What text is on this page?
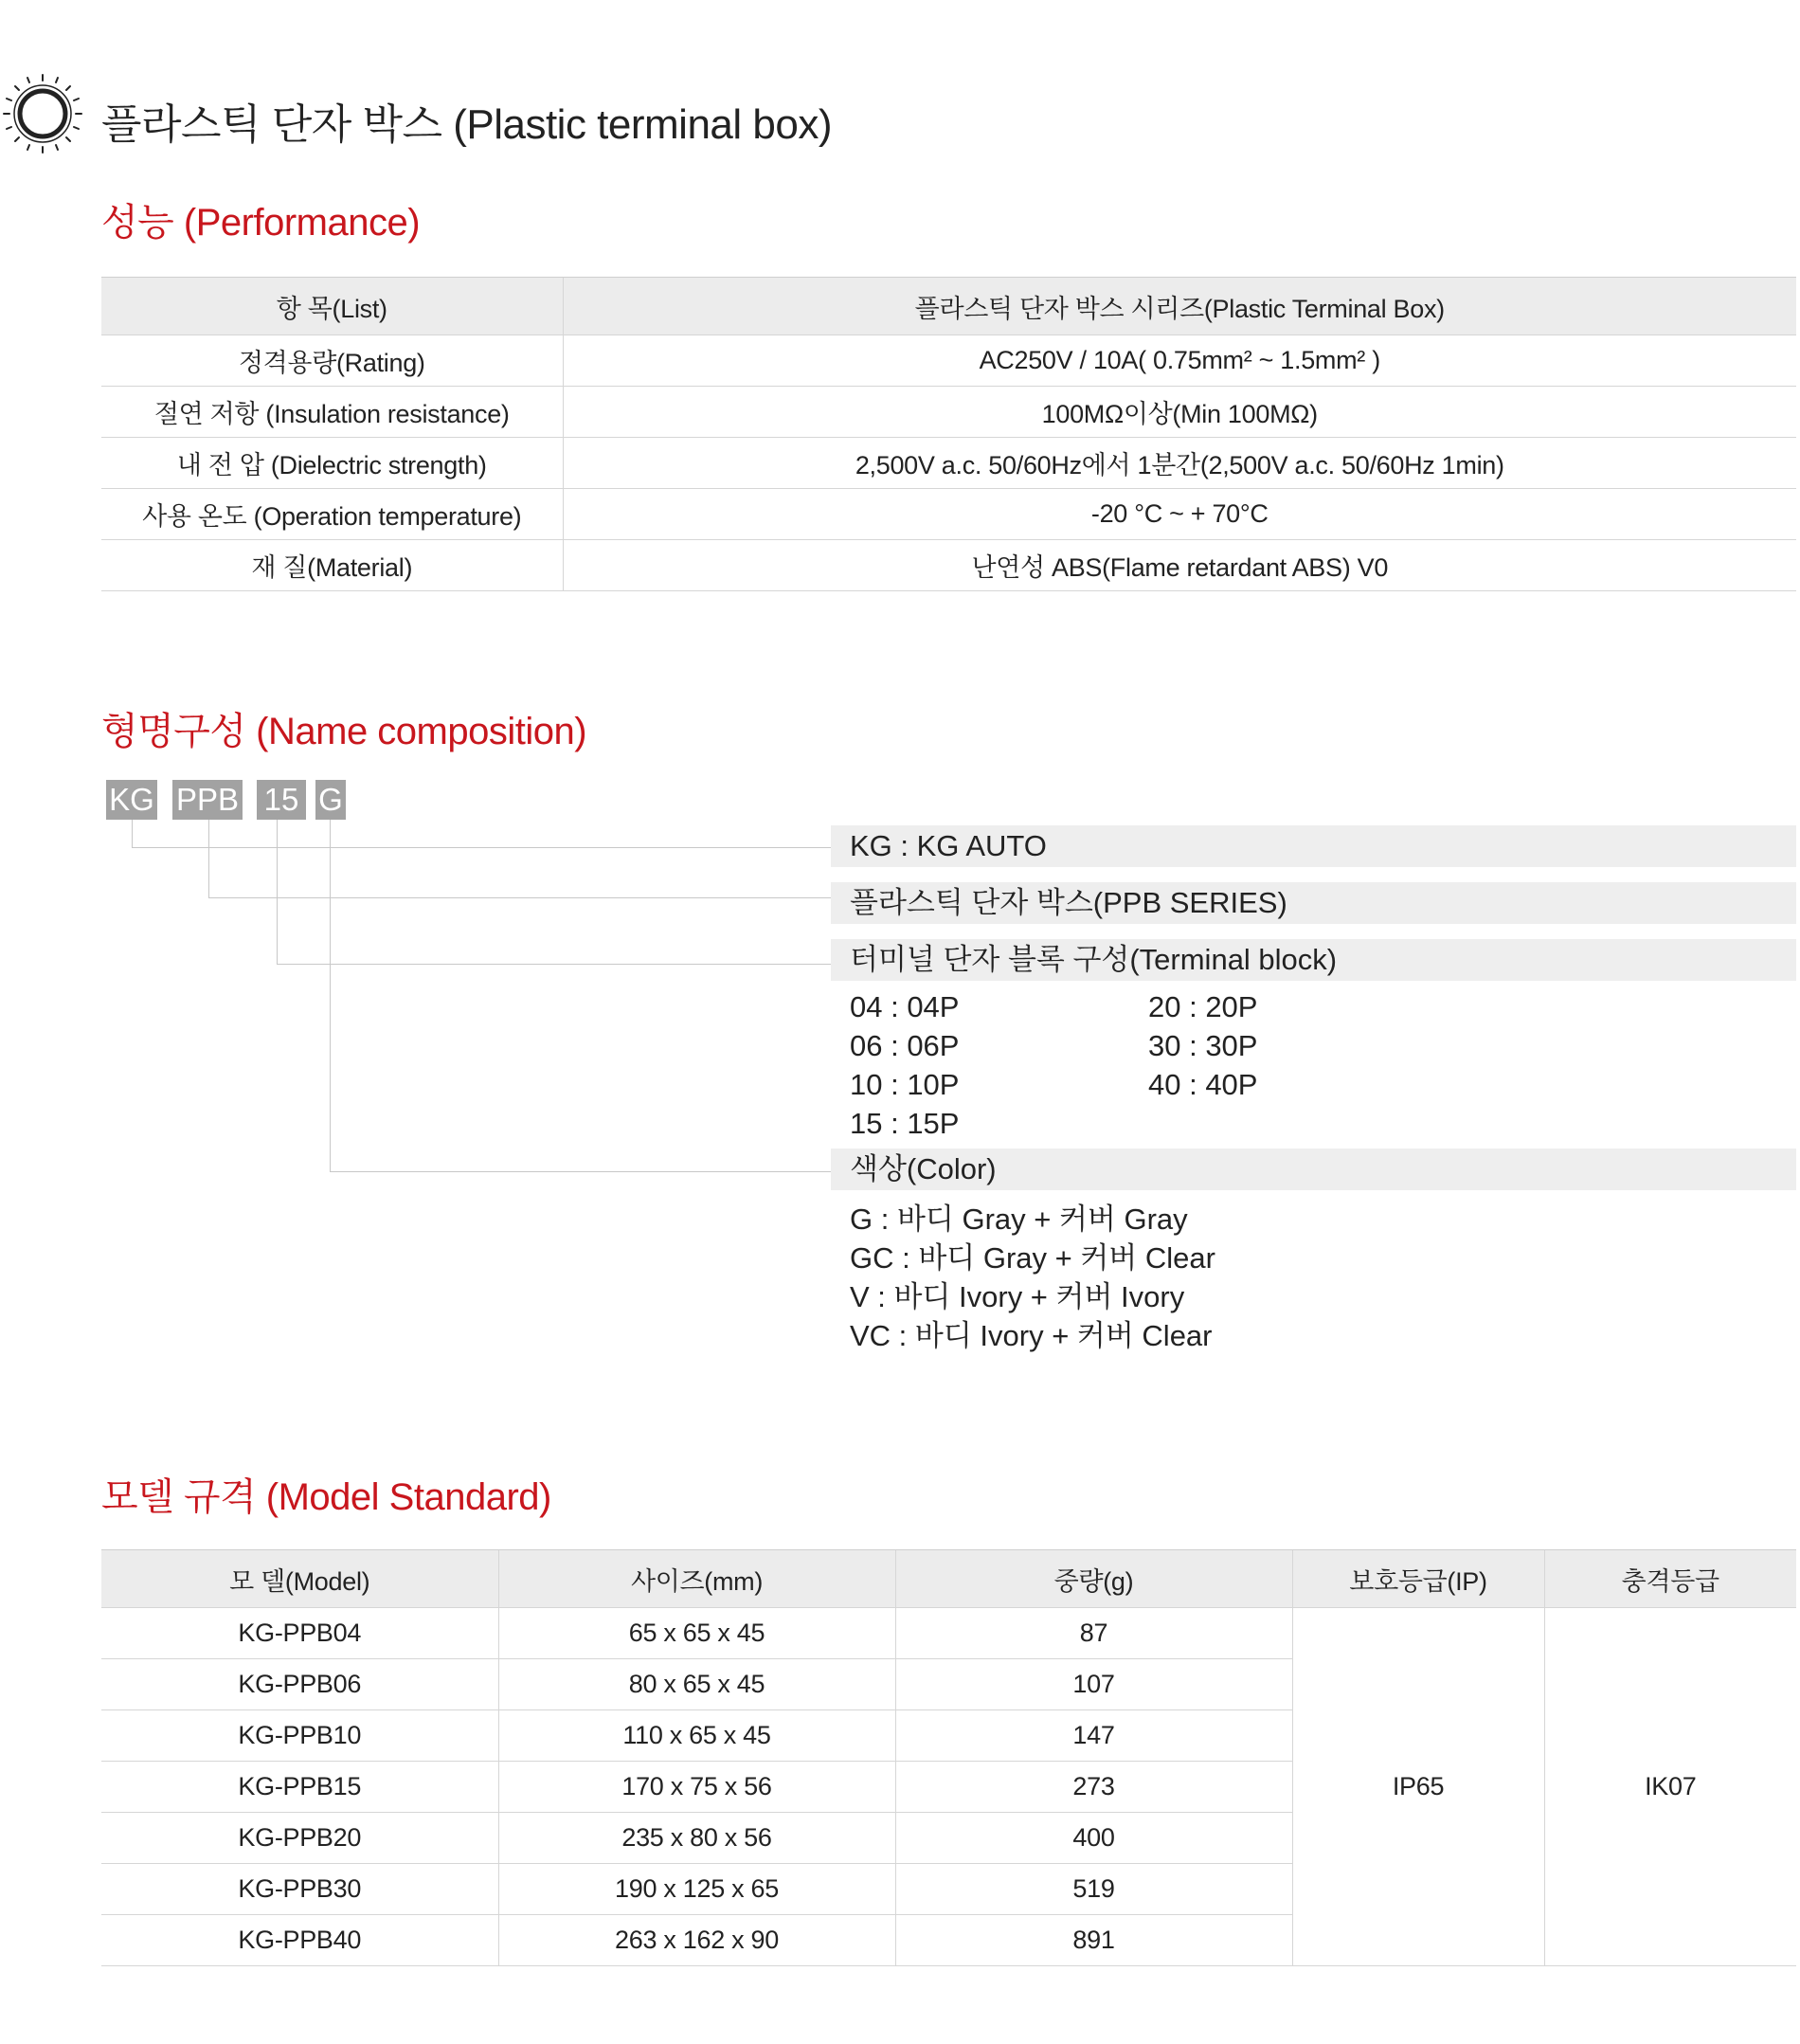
플라스틱 단자 박스 (Plastic terminal box)
성능 (Performance)
항 목(List)	플라스틱 단자 박스 시리즈(Plastic Terminal Box)
정격용량(Rating)	AC250V / 10A( 0.75mm² ~ 1.5mm² )
절연 저항 (Insulation resistance)	100MΩ이상(Min 100MΩ)
내 전 압 (Dielectric strength)	2,500V a.c. 50/60Hz에서 1분간(2,500V a.c. 50/60Hz 1min)
사용 온도 (Operation temperature)	-20 °C ~ + 70°C
재 질(Material)	난연성 ABS(Flame retardant ABS) V0
형명구성 (Name composition)
KG PPB 15 G
KG : KG AUTO
플라스틱 단자 박스(PPB SERIES)
터미널 단자 블록 구성(Terminal block)
04 : 04P
06 : 06P
10 : 10P
15 : 15P
20 : 20P
30 : 30P
40 : 40P
색상(Color)
G : 바디 Gray + 커버 Gray
GC : 바디 Gray + 커버 Clear
V : 바디 Ivory + 커버 Ivory
VC : 바디 Ivory + 커버 Clear
모델 규격 (Model Standard)
모 델(Model)	사이즈(mm)	중량(g)	보호등급(IP)	충격등급
KG-PPB04	65 x 65 x 45	87	IP65	IK07
KG-PPB06	80 x 65 x 45	107		
KG-PPB10	110 x 65 x 45	147		
KG-PPB15	170 x 75 x 56	273		
KG-PPB20	235 x 80 x 56	400		
KG-PPB30	190 x 125 x 65	519		
KG-PPB40	263 x 162 x 90	891		
